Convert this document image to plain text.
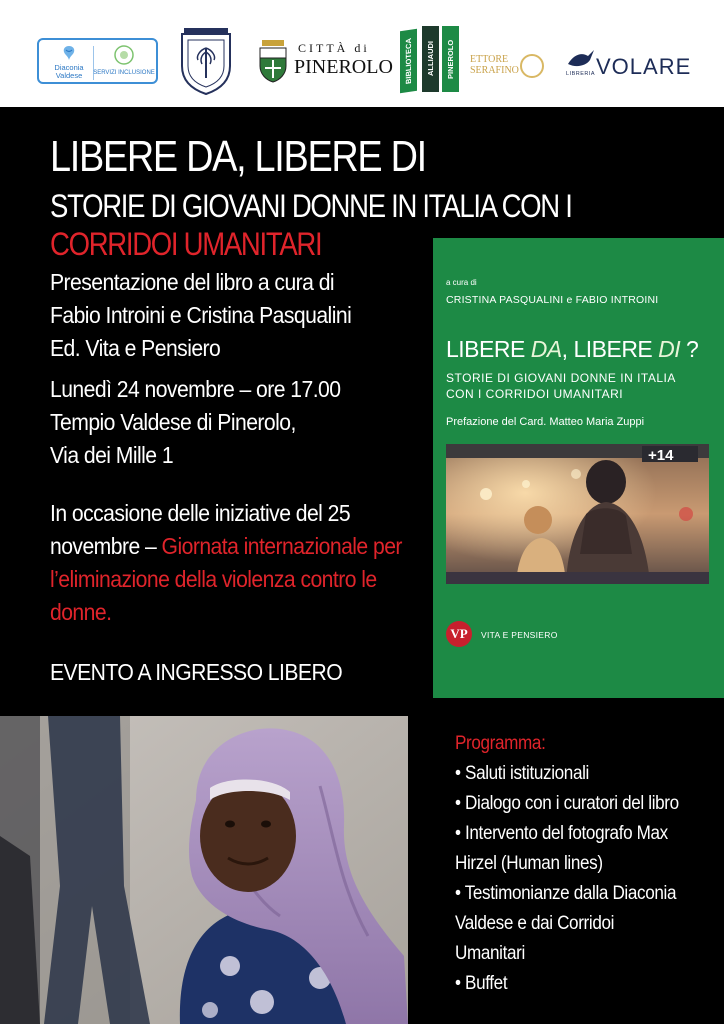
Diaconia
Valdese	SERVIZI INCLUSIONE
CITTÀ di
PINEROLO	BIBLIOTECA	ALLIAUDI	PINEROLO	ETTORE
SERAFINO	LIBRERIA VOLARE
LIBERE DA, LIBERE DI
STORIE DI GIOVANI DONNE IN ITALIA CON I
CORRIDOI UMANITARI
Presentazione del libro a cura di
Fabio Introini e Cristina Pasqualini
Ed. Vita e Pensiero
Lunedì 24 novembre – ore 17.00
Tempio Valdese di Pinerolo,
Via dei Mille 1
In occasione delle iniziative del 25
novembre – Giornata internazionale per
l’eliminazione della violenza contro le
donne.
EVENTO A INGRESSO LIBERO
a cura di
CRISTINA PASQUALINI e FABIO INTROINI
LIBERE DA, LIBERE DI ?
STORIE DI GIOVANI DONNE IN ITALIA
CON I CORRIDOI UMANITARI
Prefazione del Card. Matteo Maria Zuppi
+14
VP	VITA E PENSIERO
Programma:
• Saluti istituzionali
• Dialogo con i curatori del libro
• Intervento del fotografo Max
Hirzel (Human lines)
• Testimonianze dalla Diaconia
Valdese e dai Corridoi
Umanitari
• Buffet
